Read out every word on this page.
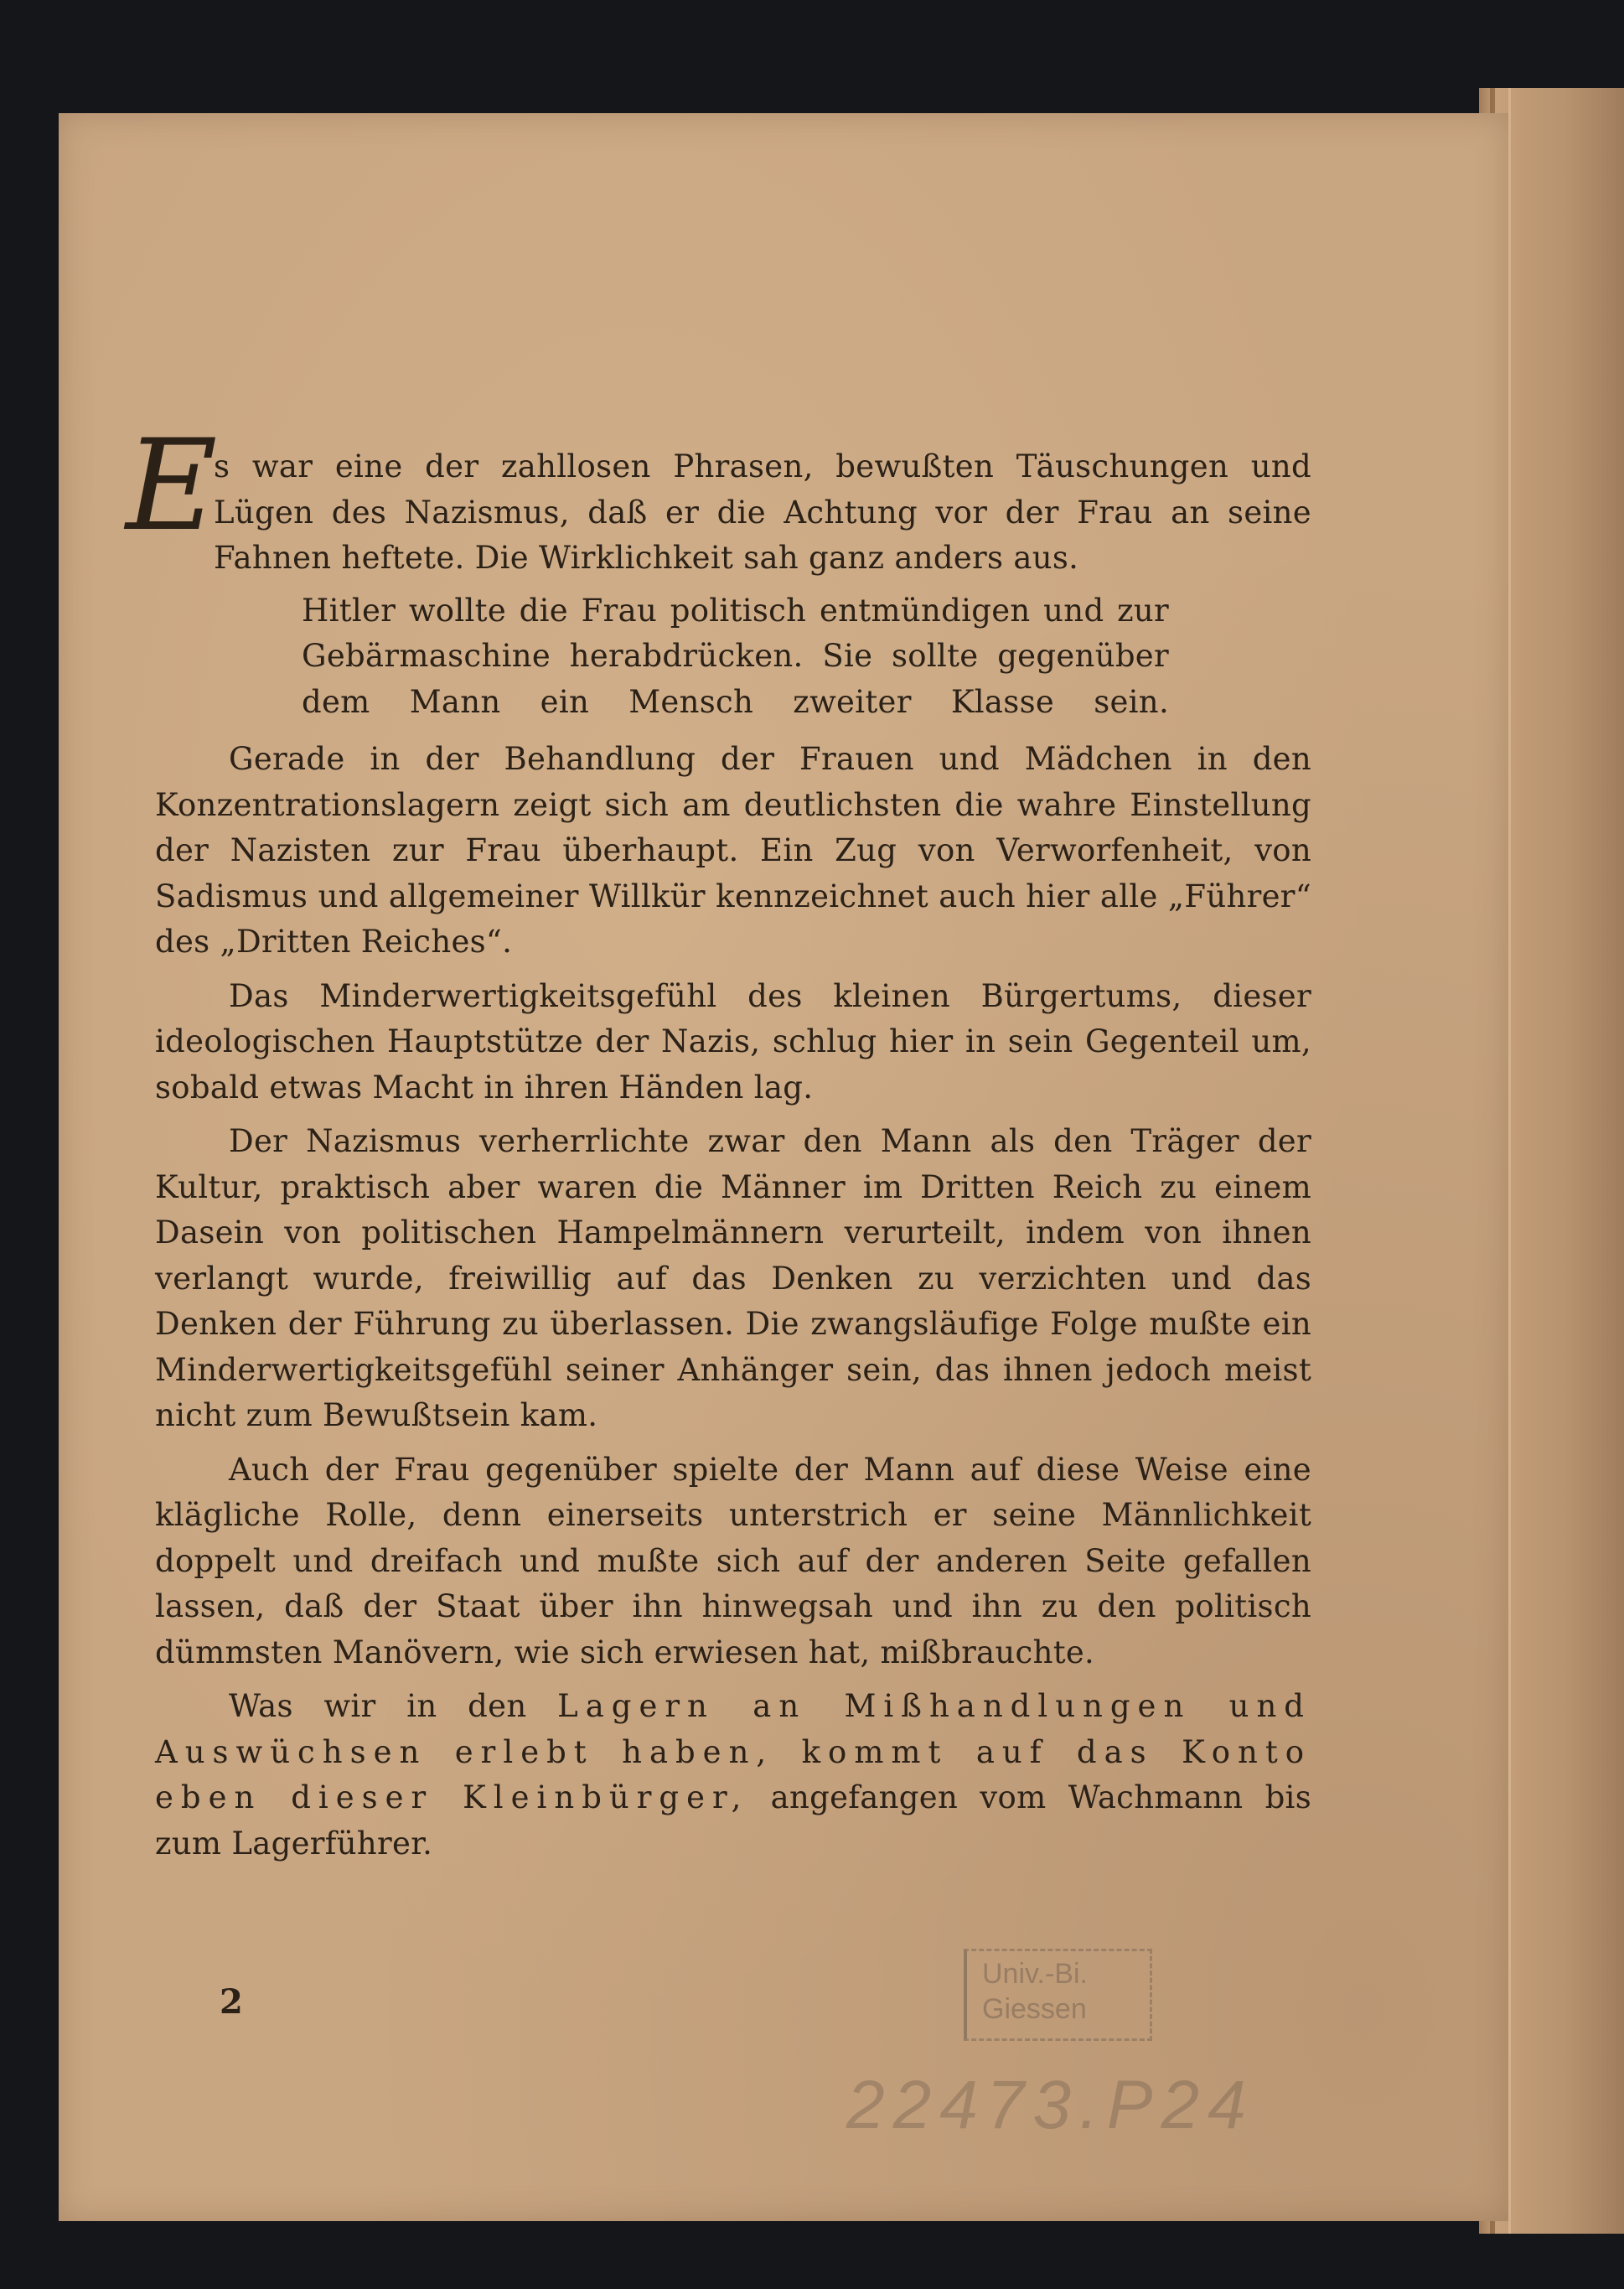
E

s war eine der zahllosen Phrasen, bewußten Täuschungen und Lügen des Nazismus, daß er die Achtung vor der Frau an seine Fahnen heftete. Die Wirklichkeit sah ganz anders aus.

Hitler wollte die Frau politisch entmündigen und zur Gebärmaschine herabdrücken. Sie sollte gegenüber dem Mann ein Mensch zweiter Klasse sein.

Gerade in der Behandlung der Frauen und Mädchen in den Konzentrationslagern zeigt sich am deutlichsten die wahre Einstellung der Nazisten zur Frau überhaupt. Ein Zug von Verworfenheit, von Sadismus und allgemeiner Willkür kennzeichnet auch hier alle „Führer“ des „Dritten Reiches“.

Das Minderwertigkeitsgefühl des kleinen Bürgertums, dieser ideologischen Hauptstütze der Nazis, schlug hier in sein Gegenteil um, sobald etwas Macht in ihren Händen lag.

Der Nazismus verherrlichte zwar den Mann als den Träger der Kultur, praktisch aber waren die Männer im Dritten Reich zu einem Dasein von politischen Hampelmännern verurteilt, indem von ihnen verlangt wurde, freiwillig auf das Denken zu verzichten und das Denken der Führung zu überlassen. Die zwangsläufige Folge mußte ein Minderwertigkeitsgefühl seiner Anhänger sein, das ihnen jedoch meist nicht zum Bewußtsein kam.

Auch der Frau gegenüber spielte der Mann auf diese Weise eine klägliche Rolle, denn einerseits unterstrich er seine Männlichkeit doppelt und dreifach und mußte sich auf der anderen Seite gefallen lassen, daß der Staat über ihn hinwegsah und ihn zu den politisch dümmsten Manövern, wie sich erwiesen hat, mißbrauchte.

Was wir in den Lagern an Mißhandlungen und Auswüchsen erlebt haben, kommt auf das Konto eben dieser Kleinbürger, angefangen vom Wachmann bis zum Lagerführer.

2
Univ.-Bi. Giessen
22473.P24
